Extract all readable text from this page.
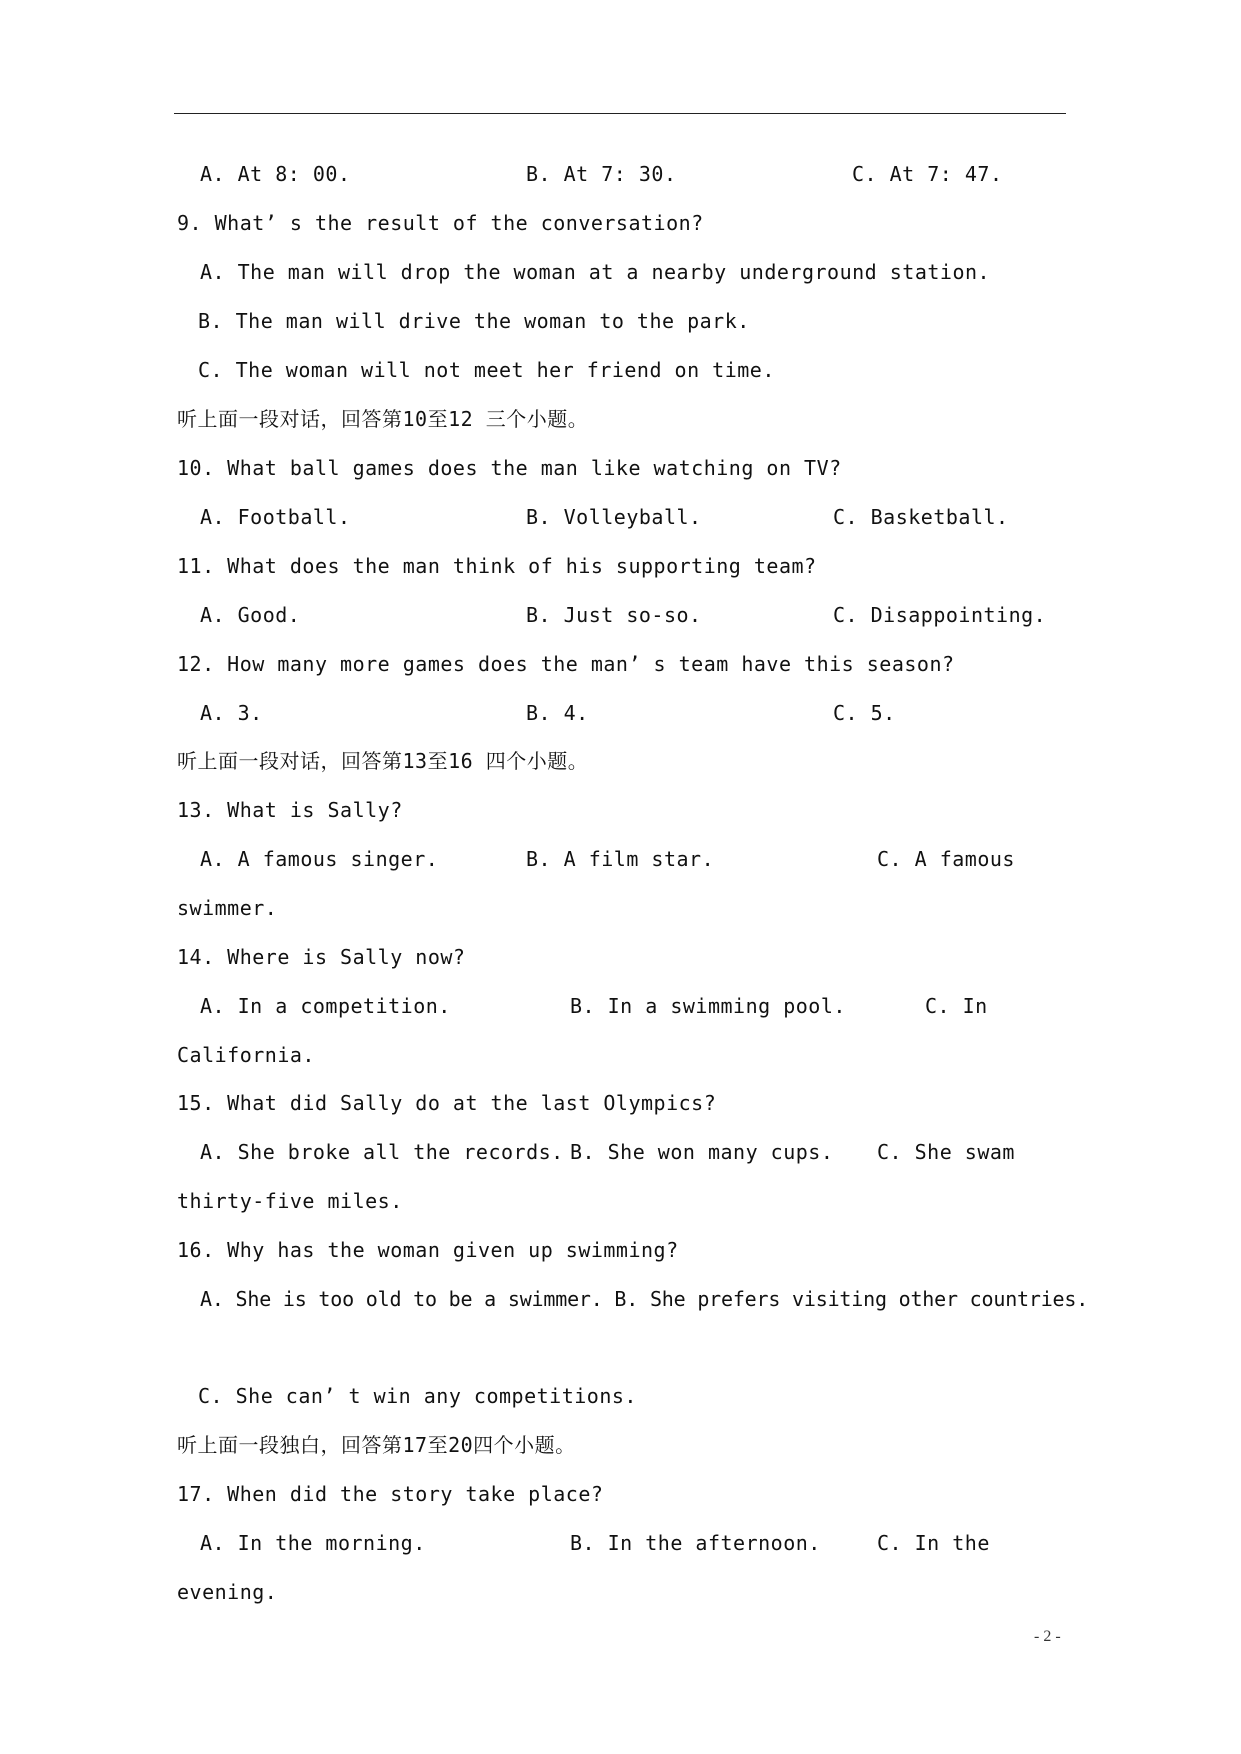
A. At 8: 00.	B. At 7: 30.	C. At 7: 47.
9. What’ s the result of the conversation?
A. The man will drop the woman at a nearby underground station.
B. The man will drive the woman to the park.
C. The woman will not meet her friend on time.
听上面一段对话，回答第10至12 三个小题。
10. What ball games does the man like watching on TV?
A. Football.	B. Volleyball.	C. Basketball.
11. What does the man think of his supporting team?
A. Good.	B. Just so-so.	C. Disappointing.
12. How many more games does the man’ s team have this season?
A. 3.	B. 4.	C. 5.
听上面一段对话，回答第13至16 四个小题。
13. What is Sally?
A. A famous singer.	B. A film star.	C. A famous
swimmer.
14. Where is Sally now?
A. In a competition.	B. In a swimming pool.	C. In
California.
15. What did Sally do at the last Olympics?
A. She broke all the records. B. She won many cups. C. She swam
thirty-five miles.
16. Why has the woman given up swimming?
A. She is too old to be a swimmer. B. She prefers visiting other countries.
C. She can’ t win any competitions.
听上面一段独白，回答第17至20四个小题。
17. When did the story take place?
A. In the morning.	B. In the afternoon.	C. In the
evening.
- 2 -
